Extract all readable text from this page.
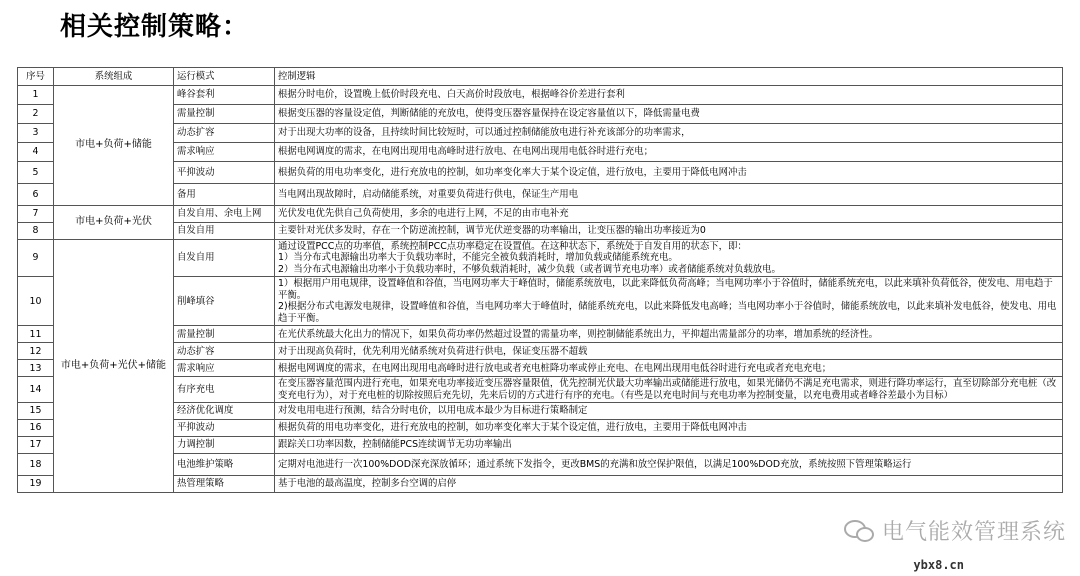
相关控制策略：
序号	系统组成	运行模式	控制逻辑
1	市电+负荷+储能	峰谷套利	根据分时电价，设置晚上低价时段充电、白天高价时段放电，根据峰谷价差进行套利

2		需量控制	根据变压器的容量设定值，判断储能的充放电，使得变压器容量保持在设定容量值以下，降低需量电费

3		动态扩容	对于出现大功率的设备，且持续时间比较短时，可以通过控制储能放电进行补充该部分的功率需求，

4		需求响应	根据电网调度的需求，在电网出现用电高峰时进行放电、在电网出现用电低谷时进行充电；

5		平抑波动	根据负荷的用电功率变化，进行充放电的控制，如功率变化率大于某个设定值，进行放电，主要用于降低电网冲击

6		备用	当电网出现故障时，启动储能系统，对重要负荷进行供电，保证生产用电

7	市电+负荷+光伏	自发自用、余电上网	光伏发电优先供自己负荷使用，多余的电进行上网，不足的由市电补充

8		自发自用	主要针对光伏多发时，存在一个防逆流控制，调节光伏逆变器的功率输出，让变压器的输出功率接近为0

9	市电+负荷+光伏+储能	自发自用	通过设置PCC点的功率值，系统控制PCC点功率稳定在设置值。在这种状态下，系统处于自发自用的状态下，即：
1）当分布式电源输出功率大于负载功率时，不能完全被负载消耗时，增加负载或储能系统充电。
2）当分布式电源输出功率小于负载功率时，不够负载消耗时，减少负载（或者调节充电功率）或者储能系统对负载放电。

10		削峰填谷	1）根据用户用电规律，设置峰值和谷值，当电网功率大于峰值时，储能系统放电，以此来降低负荷高峰；当电网功率小于谷值时，储能系统充电，以此来填补负荷低谷，使发电、用电趋于平衡。
2)根据分布式电源发电规律，设置峰值和谷值，当电网功率大于峰值时，储能系统充电，以此来降低发电高峰；当电网功率小于谷值时，储能系统放电，以此来填补发电低谷，使发电、用电趋于平衡。

11		需量控制	在光伏系统最大化出力的情况下，如果负荷功率仍然超过设置的需量功率，则控制储能系统出力，平抑超出需量部分的功率，增加系统的经济性。

12		动态扩容	对于出现高负荷时，优先利用光储系统对负荷进行供电，保证变压器不超载

13		需求响应	根据电网调度的需求，在电网出现用电高峰时进行放电或者充电桩降功率或停止充电、在电网出现用电低谷时进行充电或者充电充电；

14		有序充电	在变压器容量范围内进行充电，如果充电功率接近变压器容量限值，优先控制光伏最大功率输出或储能进行放电，如果光储仍不满足充电需求，则进行降功率运行，直至切除部分充电桩（改变充电行为），对于充电桩的切除按照后充先切，先来后切的方式进行有序的充电。（有些是以充电时间与充电功率为控制变量，以充电费用或者峰谷差最小为目标）

15		经济优化调度	对发电用电进行预测，结合分时电价，以用电成本最少为目标进行策略制定

16		平抑波动	根据负荷的用电功率变化，进行充放电的控制，如功率变化率大于某个设定值，进行放电，主要用于降低电网冲击

17		力调控制	跟踪关口功率因数，控制储能PCS连续调节无功功率输出

18		电池维护策略	定期对电池进行一次100%DOD深充深放循环；通过系统下发指令，更改BMS的充满和放空保护限值，以满足100%DOD充放，系统按照下管理策略运行

19		热管理策略	基于电池的最高温度，控制多台空调的启停
电气能效管理系统
ybx8.cn
